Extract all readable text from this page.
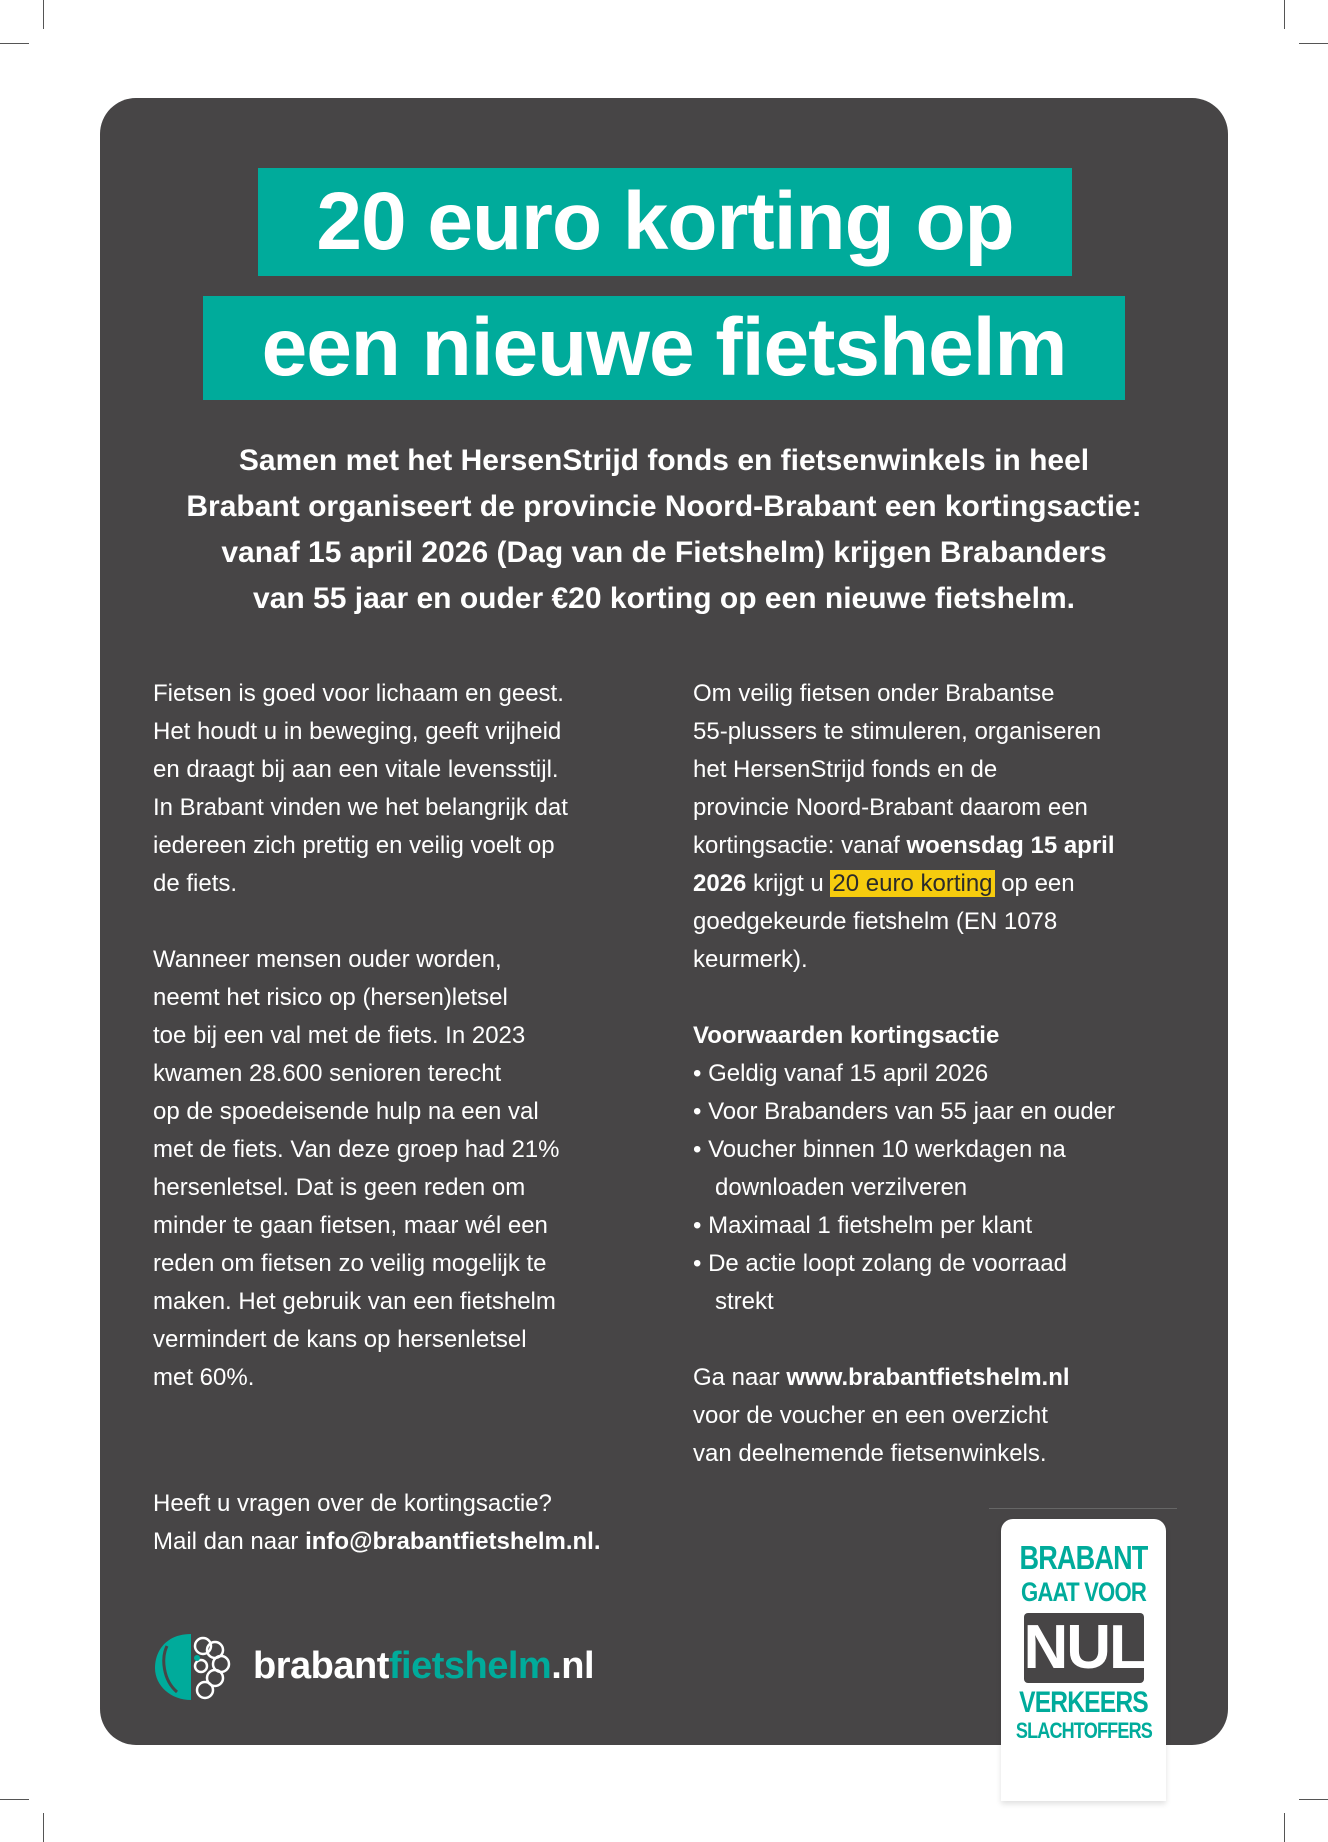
20 euro korting op
een nieuwe fietshelm
Samen met het HersenStrijd fonds en fietsenwinkels in heel
Brabant organiseert de provincie Noord-Brabant een kortingsactie:
vanaf 15 april 2026 (Dag van de Fietshelm) krijgen Brabanders
van 55 jaar en ouder €20 korting op een nieuwe fietshelm.
Fietsen is goed voor lichaam en geest.
Het houdt u in beweging, geeft vrijheid
en draagt bij aan een vitale levensstijl.
In Brabant vinden we het belangrijk dat
iedereen zich prettig en veilig voelt op
de fiets.
Wanneer mensen ouder worden,
neemt het risico op (hersen)letsel
toe bij een val met de fiets. In 2023
kwamen 28.600 senioren terecht
op de spoedeisende hulp na een val
met de fiets. Van deze groep had 21%
hersenletsel. Dat is geen reden om
minder te gaan fietsen, maar wél een
reden om fietsen zo veilig mogelijk te
maken. Het gebruik van een fietshelm
vermindert de kans op hersenletsel
met 60%.
Heeft u vragen over de kortingsactie?
Mail dan naar info@brabantfietshelm.nl.
Om veilig fietsen onder Brabantse
55-plussers te stimuleren, organiseren
het HersenStrijd fonds en de
provincie Noord-Brabant daarom een
kortingsactie: vanaf woensdag 15 april
2026 krijgt u 20 euro korting op een
goedgekeurde fietshelm (EN 1078
keurmerk).
Voorwaarden kortingsactie
• Geldig vanaf 15 april 2026
• Voor Brabanders van 55 jaar en ouder
• Voucher binnen 10 werkdagen na
downloaden verzilveren
• Maximaal 1 fietshelm per klant
• De actie loopt zolang de voorraad
strekt
Ga naar www.brabantfietshelm.nl
voor de voucher en een overzicht
van deelnemende fietsenwinkels.
brabantfietshelm.nl
BRABANT
GAAT VOOR
NUL
VERKEERS
SLACHTOFFERS
